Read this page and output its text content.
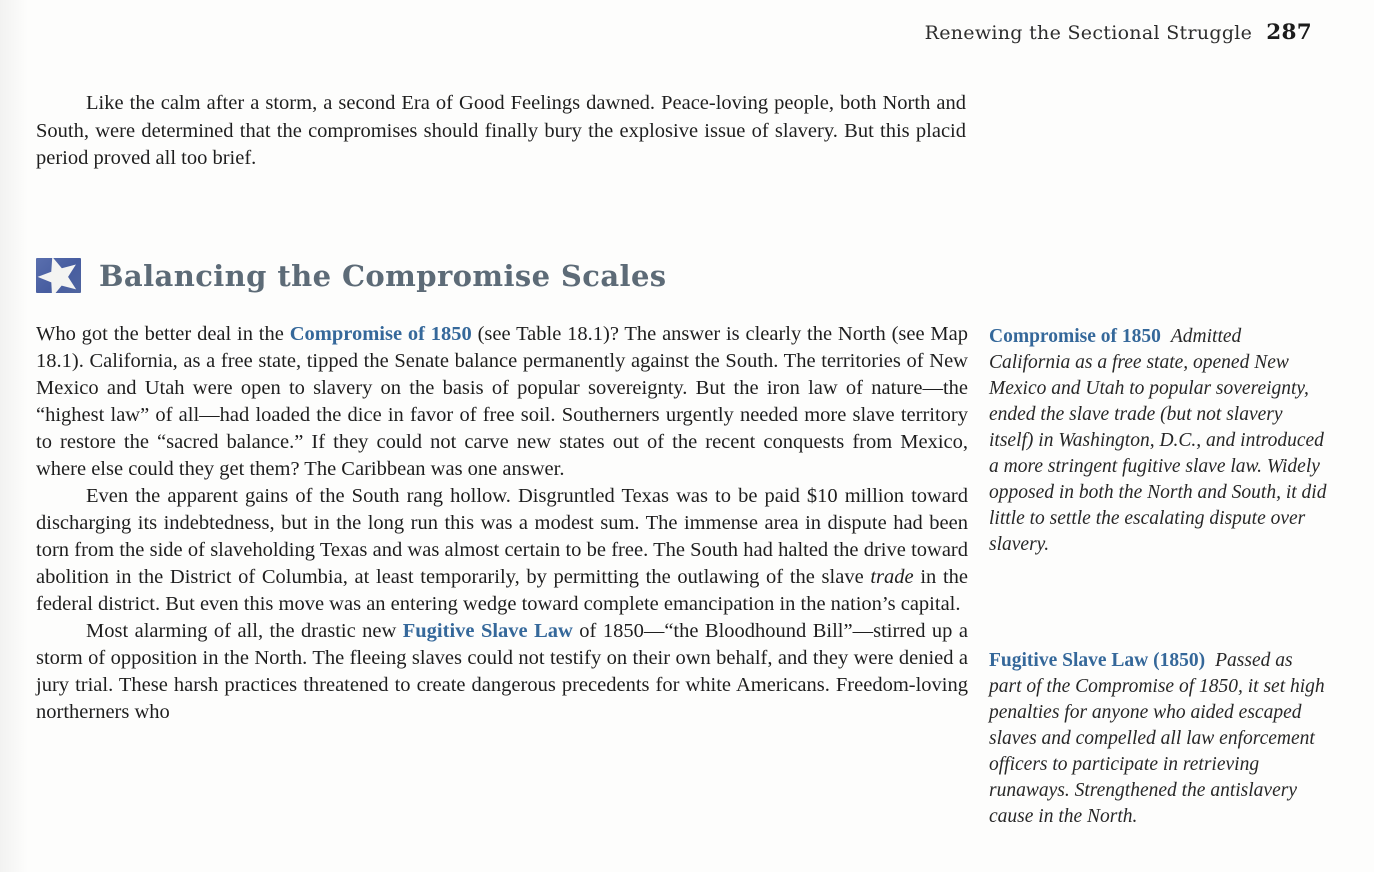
Renewing the Sectional Struggle 287

Like the calm after a storm, a second Era of Good Feelings dawned. Peace-loving people, both North and South, were determined that the compromises should finally bury the explosive issue of slavery. But this placid period proved all too brief.

Balancing the Compromise Scales

Who got the better deal in the Compromise of 1850 (see Table 18.1)? The answer is clearly the North (see Map 18.1). California, as a free state, tipped the Senate balance permanently against the South. The territories of New Mexico and Utah were open to slavery on the basis of popular sovereignty. But the iron law of nature—the “highest law” of all—had loaded the dice in favor of free soil. Southerners urgently needed more slave territory to restore the “sacred balance.” If they could not carve new states out of the recent conquests from Mexico, where else could they get them? The Caribbean was one answer.

Even the apparent gains of the South rang hollow. Disgruntled Texas was to be paid $10 million toward discharging its indebtedness, but in the long run this was a modest sum. The immense area in dispute had been torn from the side of slaveholding Texas and was almost certain to be free. The South had halted the drive toward abolition in the District of Columbia, at least temporarily, by permitting the outlawing of the slave trade in the federal district. But even this move was an entering wedge toward complete emancipation in the nation’s capital.

Most alarming of all, the drastic new Fugitive Slave Law of 1850—“the Bloodhound Bill”—stirred up a storm of opposition in the North. The fleeing slaves could not testify on their own behalf, and they were denied a jury trial. These harsh practices threatened to create dangerous precedents for white Americans. Freedom-loving northerners who

Compromise of 1850 Admitted California as a free state, opened New Mexico and Utah to popular sovereignty, ended the slave trade (but not slavery itself) in Washington, D.C., and introduced a more stringent fugitive slave law. Widely opposed in both the North and South, it did little to settle the escalating dispute over slavery.

Fugitive Slave Law (1850) Passed as part of the Compromise of 1850, it set high penalties for anyone who aided escaped slaves and compelled all law enforcement officers to participate in retrieving runaways. Strengthened the antislavery cause in the North.
